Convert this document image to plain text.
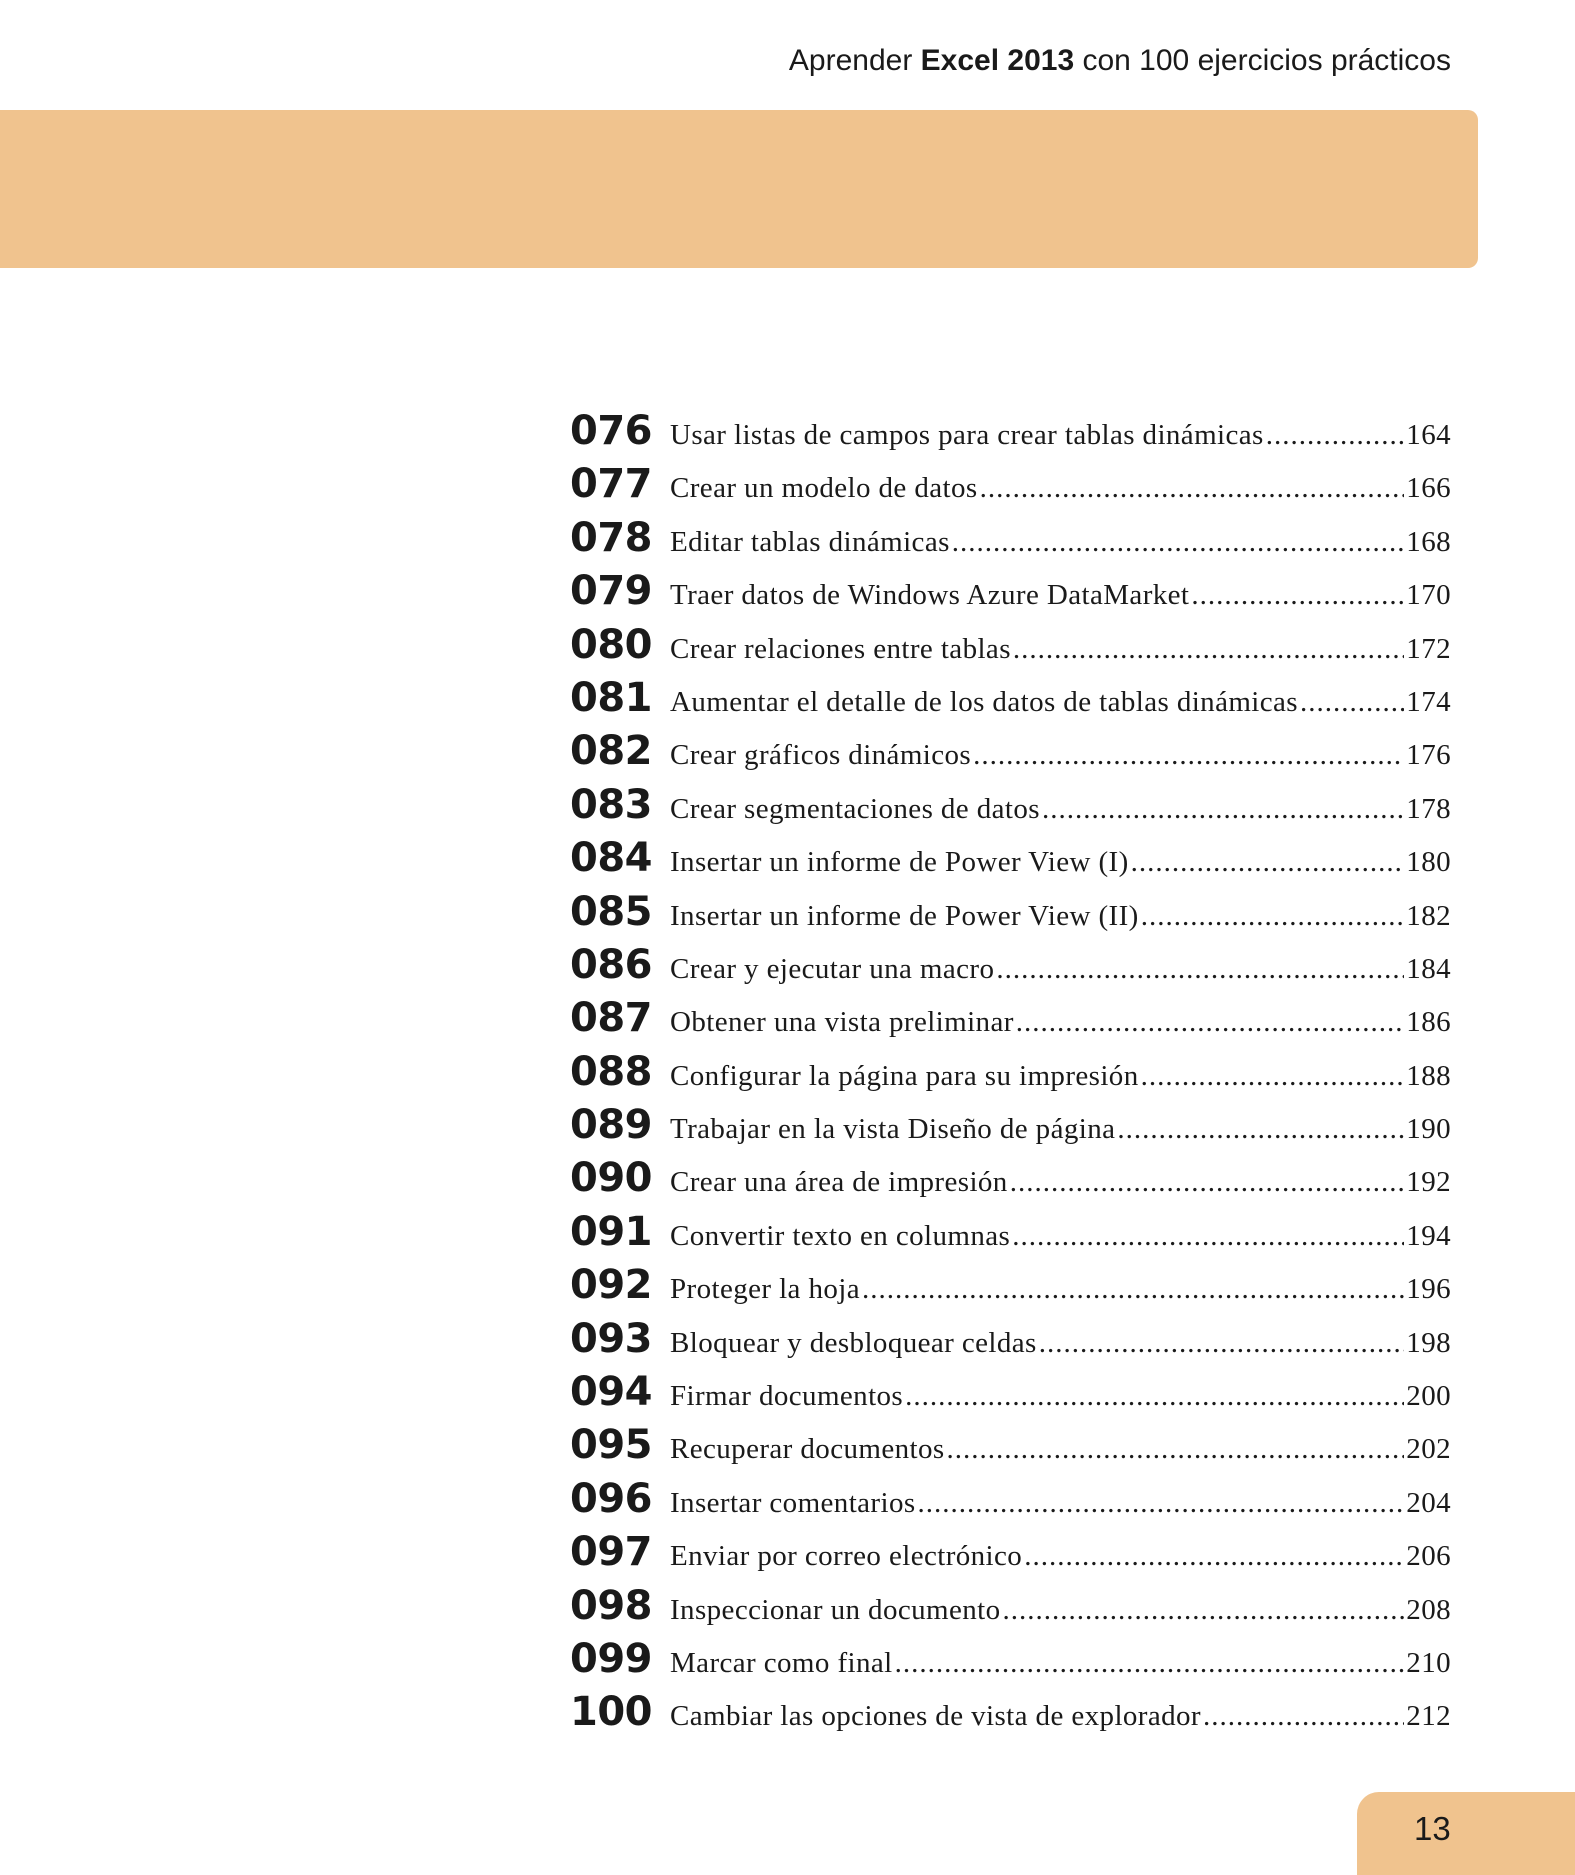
Aprender Excel 2013 con 100 ejercicios prácticos
076 Usar listas de campos para crear tablas dinámicas .....	164
077 Crear un modelo de datos .....	166
078 Editar tablas dinámicas .....	168
079 Traer datos de Windows Azure DataMarket .....	170
080 Crear relaciones entre tablas .....	172
081 Aumentar el detalle de los datos de tablas dinámicas .....	174
082 Crear gráficos dinámicos .....	176
083 Crear segmentaciones de datos .....	178
084 Insertar un informe de Power View (I) .....	180
085 Insertar un informe de Power View (II) .....	182
086 Crear y ejecutar una macro .....	184
087 Obtener una vista preliminar .....	186
088 Configurar la página para su impresión .....	188
089 Trabajar en la vista Diseño de página .....	190
090 Crear una área de impresión .....	192
091 Convertir texto en columnas .....	194
092 Proteger la hoja .....	196
093 Bloquear y desbloquear celdas .....	198
094 Firmar documentos .....	200
095 Recuperar documentos .....	202
096 Insertar comentarios .....	204
097 Enviar por correo electrónico .....	206
098 Inspeccionar un documento .....	208
099 Marcar como final .....	210
100 Cambiar las opciones de vista de explorador .....	212
13
